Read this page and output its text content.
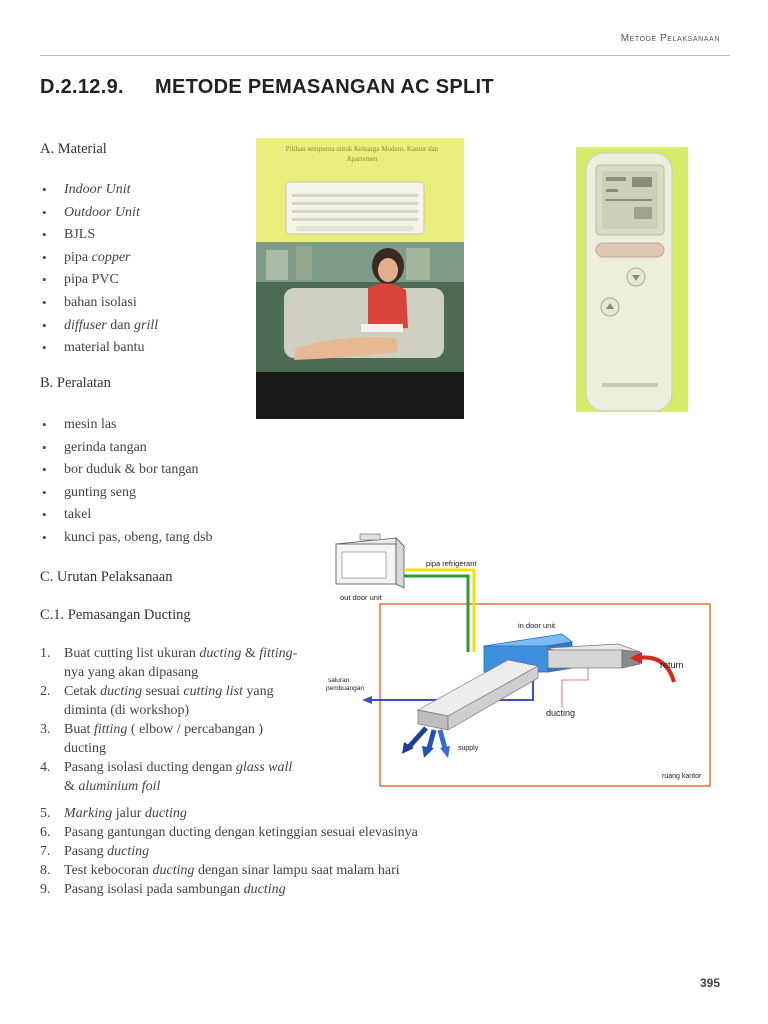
Metode Pelaksanaan
D.2.12.9. METODE PEMASANGAN AC SPLIT
A. Material
• Indoor Unit
• Outdoor Unit
• BJLS
• pipa copper
• pipa PVC
• bahan isolasi
• diffuser dan grill
• material bantu
B. Peralatan
• mesin las
• gerinda tangan
• bor duduk & bor tangan
• gunting seng
• takel
• kunci pas, obeng, tang dsb
C. Urutan Pelaksanaan
C.1. Pemasangan Ducting
1. Buat cutting list ukuran ducting & fitting-nya yang akan dipasang
2. Cetak ducting sesuai cutting list yang diminta (di workshop)
3. Buat fitting ( elbow / percabangan ) ducting
4. Pasang isolasi ducting dengan glass wall & aluminium foil
5. Marking jalur ducting
6. Pasang gantungan ducting dengan ketinggian sesuai elevasinya
7. Pasang ducting
8. Test kebocoran ducting dengan sinar lampu saat malam hari
9. Pasang isolasi pada sambungan ducting
Pilihan sempurna untuk Keluarga Modern, Kantor dan Apartemen
pipa refrigerant
out door unit
in door unit
return
saluran
pembuangan
ducting
supply
ruang kantor
395
